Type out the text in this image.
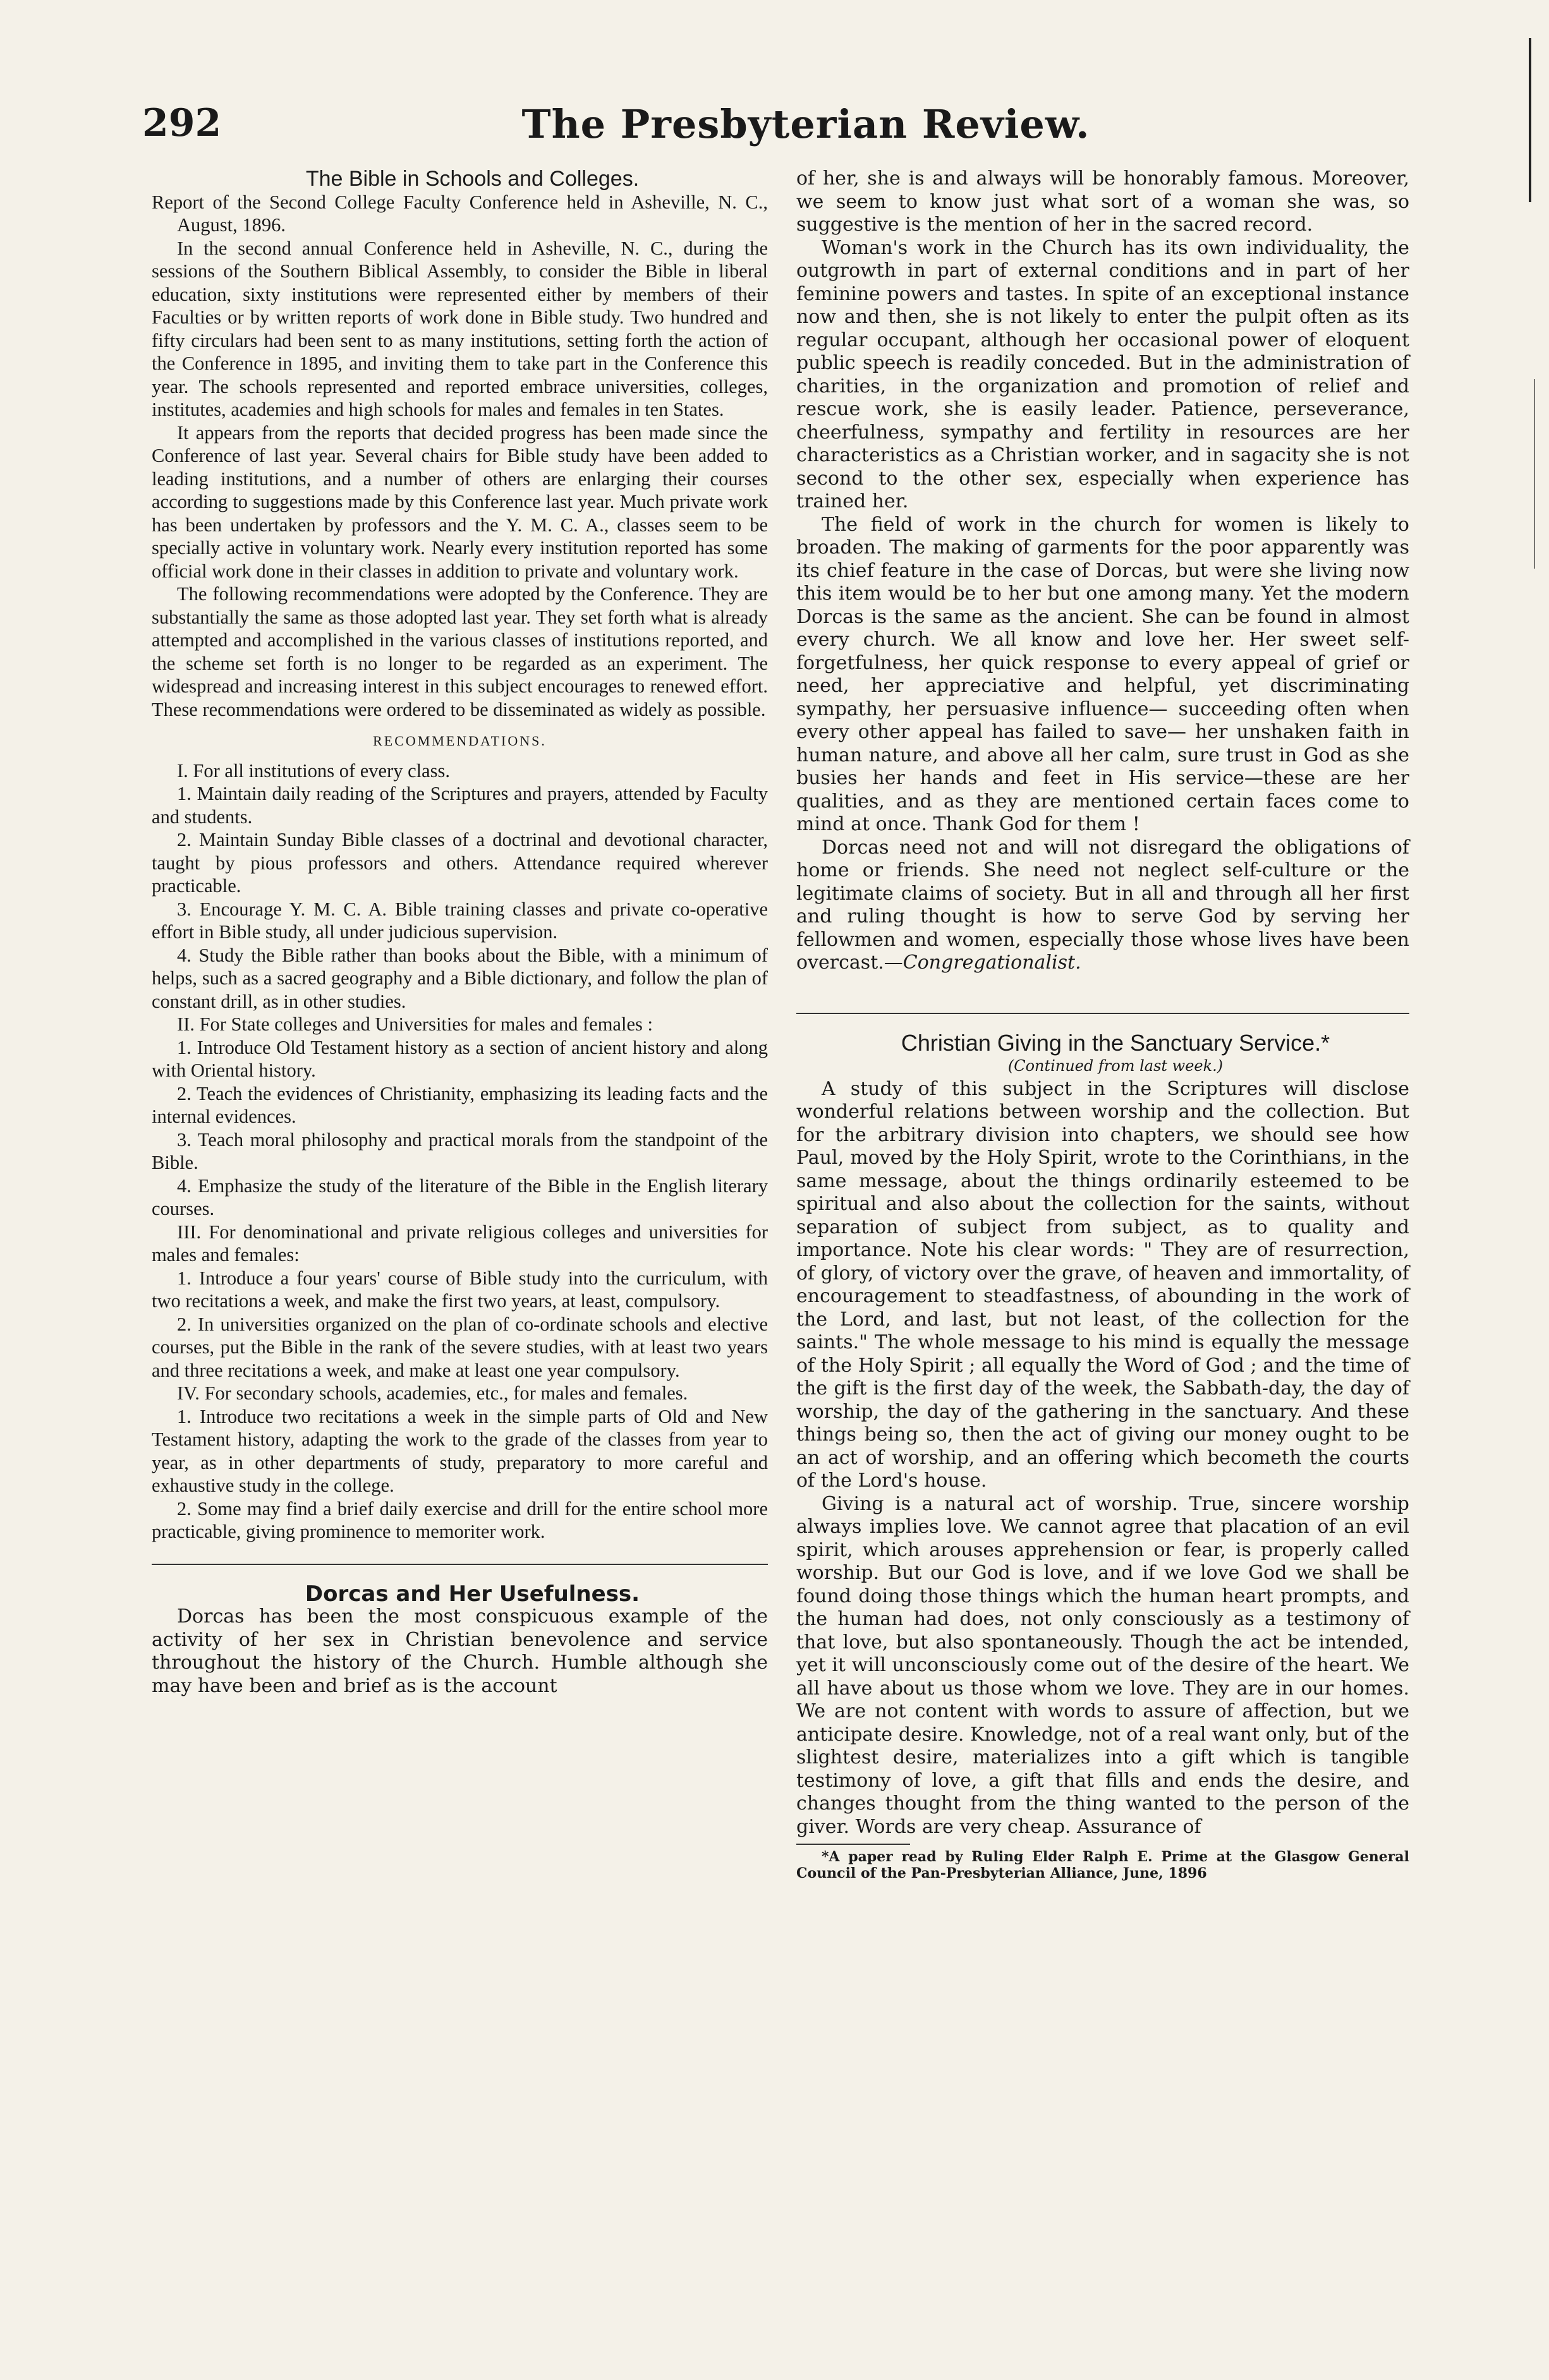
292	The Presbyterian Review.

The Bible in Schools and Colleges.

Report of the Second College Faculty Conference held in Asheville, N. C., August, 1896.

In the second annual Conference held in Asheville, N. C., during the sessions of the Southern Biblical Assembly, to consider the Bible in liberal education, sixty institutions were represented either by members of their Faculties or by written reports of work done in Bible study. Two hundred and fifty circulars had been sent to as many institutions, setting forth the action of the Conference in 1895, and inviting them to take part in the Conference this year. The schools represented and reported embrace universities, colleges, institutes, academies and high schools for males and females in ten States.

It appears from the reports that decided progress has been made since the Conference of last year. Several chairs for Bible study have been added to leading institutions, and a number of others are enlarging their courses according to suggestions made by this Conference last year. Much private work has been undertaken by professors and the Y. M. C. A., classes seem to be specially active in voluntary work. Nearly every institution reported has some official work done in their classes in addition to private and voluntary work.

The following recommendations were adopted by the Conference. They are substantially the same as those adopted last year. They set forth what is already attempted and accomplished in the various classes of institutions reported, and the scheme set forth is no longer to be regarded as an experiment. The widespread and increasing interest in this subject encourages to renewed effort. These recommendations were ordered to be disseminated as widely as possible.

RECOMMENDATIONS.

I. For all institutions of every class.

1. Maintain daily reading of the Scriptures and prayers, attended by Faculty and students.

2. Maintain Sunday Bible classes of a doctrinal and devotional character, taught by pious professors and others. Attendance required wherever practicable.

3. Encourage Y. M. C. A. Bible training classes and private co-operative effort in Bible study, all under judicious supervision.

4. Study the Bible rather than books about the Bible, with a minimum of helps, such as a sacred geography and a Bible dictionary, and follow the plan of constant drill, as in other studies.

II. For State colleges and Universities for males and females :

1. Introduce Old Testament history as a section of ancient history and along with Oriental history.

2. Teach the evidences of Christianity, emphasizing its leading facts and the internal evidences.

3. Teach moral philosophy and practical morals from the standpoint of the Bible.

4. Emphasize the study of the literature of the Bible in the English literary courses.

III. For denominational and private religious colleges and universities for males and females:

1. Introduce a four years' course of Bible study into the curriculum, with two recitations a week, and make the first two years, at least, compulsory.

2. In universities organized on the plan of co-ordinate schools and elective courses, put the Bible in the rank of the severe studies, with at least two years and three recitations a week, and make at least one year compulsory.

IV. For secondary schools, academies, etc., for males and females.

1. Introduce two recitations a week in the simple parts of Old and New Testament history, adapting the work to the grade of the classes from year to year, as in other departments of study, preparatory to more careful and exhaustive study in the college.

2. Some may find a brief daily exercise and drill for the entire school more practicable, giving prominence to memoriter work.

Dorcas and Her Usefulness.

Dorcas has been the most conspicuous example of the activity of her sex in Christian benevolence and service throughout the history of the Church. Humble although she may have been and brief as is the account

of her, she is and always will be honorably famous. Moreover, we seem to know just what sort of a woman she was, so suggestive is the mention of her in the sacred record.

Woman's work in the Church has its own individuality, the outgrowth in part of external conditions and in part of her feminine powers and tastes. In spite of an exceptional instance now and then, she is not likely to enter the pulpit often as its regular occupant, although her occasional power of eloquent public speech is readily conceded. But in the administration of charities, in the organization and promotion of relief and rescue work, she is easily leader. Patience, perseverance, cheerfulness, sympathy and fertility in resources are her characteristics as a Christian worker, and in sagacity she is not second to the other sex, especially when experience has trained her.

The field of work in the church for women is likely to broaden. The making of garments for the poor apparently was its chief feature in the case of Dorcas, but were she living now this item would be to her but one among many. Yet the modern Dorcas is the same as the ancient. She can be found in almost every church. We all know and love her. Her sweet self-forgetfulness, her quick response to every appeal of grief or need, her appreciative and helpful, yet discriminating sympathy, her persuasive influence— succeeding often when every other appeal has failed to save— her unshaken faith in human nature, and above all her calm, sure trust in God as she busies her hands and feet in His service—these are her qualities, and as they are mentioned certain faces come to mind at once. Thank God for them !

Dorcas need not and will not disregard the obligations of home or friends. She need not neglect self-culture or the legitimate claims of society. But in all and through all her first and ruling thought is how to serve God by serving her fellowmen and women, especially those whose lives have been overcast.—Congregationalist.

Christian Giving in the Sanctuary Service.*

(Continued from last week.)

A study of this subject in the Scriptures will disclose wonderful relations between worship and the collection. But for the arbitrary division into chapters, we should see how Paul, moved by the Holy Spirit, wrote to the Corinthians, in the same message, about the things ordinarily esteemed to be spiritual and also about the collection for the saints, without separation of subject from subject, as to quality and importance. Note his clear words: " They are of resurrection, of glory, of victory over the grave, of heaven and immortality, of encouragement to steadfastness, of abounding in the work of the Lord, and last, but not least, of the collection for the saints." The whole message to his mind is equally the message of the Holy Spirit ; all equally the Word of God ; and the time of the gift is the first day of the week, the Sabbath-day, the day of worship, the day of the gathering in the sanctuary. And these things being so, then the act of giving our money ought to be an act of worship, and an offering which becometh the courts of the Lord's house.

Giving is a natural act of worship. True, sincere worship always implies love. We cannot agree that placation of an evil spirit, which arouses apprehension or fear, is properly called worship. But our God is love, and if we love God we shall be found doing those things which the human heart prompts, and the human had does, not only consciously as a testimony of that love, but also spontaneously. Though the act be intended, yet it will unconsciously come out of the desire of the heart. We all have about us those whom we love. They are in our homes. We are not content with words to assure of affection, but we anticipate desire. Knowledge, not of a real want only, but of the slightest desire, materializes into a gift which is tangible testimony of love, a gift that fills and ends the desire, and changes thought from the thing wanted to the person of the giver. Words are very cheap. Assurance of

*A paper read by Ruling Elder Ralph E. Prime at the Glasgow General Council of the Pan-Presbyterian Alliance, June, 1896
